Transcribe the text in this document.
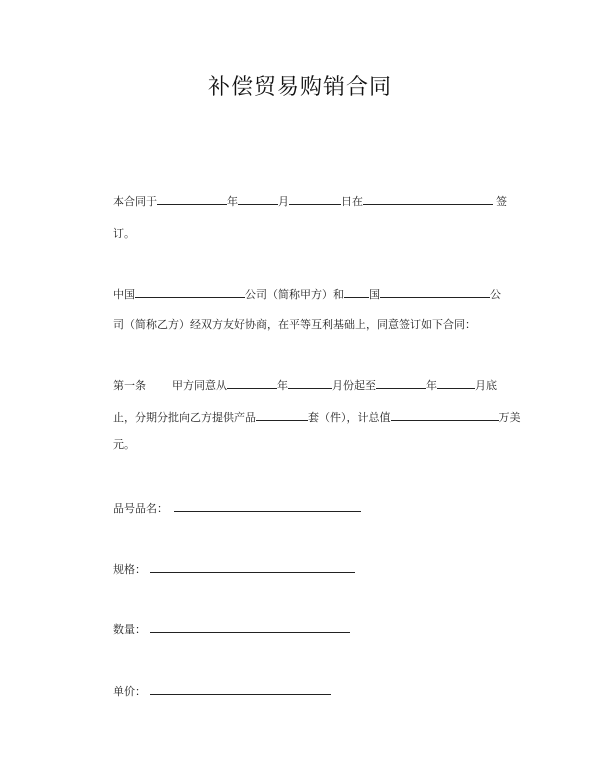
补偿贸易购销合同
本合同于	年	月	日在	签
订。
中国	公司（简称甲方）和 国	公
司（简称乙方）经双方友好协商，在平等互利基础上，同意签订如下合同：
第一条 甲方同意从	年	月份起至	年	月底
止，分期分批向乙方提供产品	套（件），计总值	万美
元。
品号品名：
规格：
数量：
单价：
